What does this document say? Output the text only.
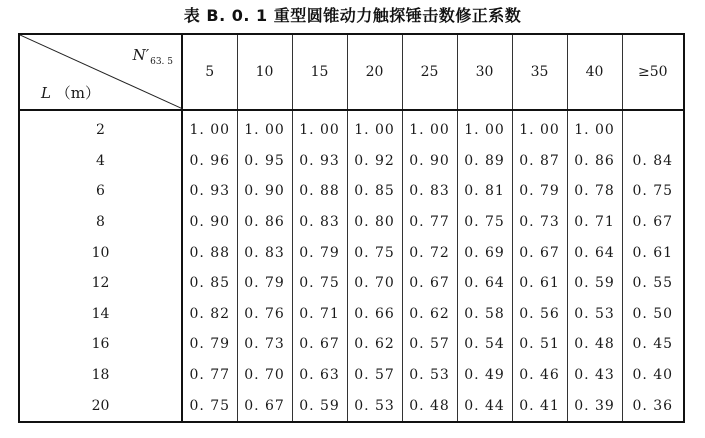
表 B. 0. 1 重型圆锥动力触探锤击数修正系数
$N'_{63. 5}$
L （m）	5	10	15	20	25	30	35	40	≥50
2	1. 00	1. 00	1. 00	1. 00	1. 00	1. 00	1. 00	1. 00	
4	0. 96	0. 95	0. 93	0. 92	0. 90	0. 89	0. 87	0. 86	0. 84
6	0. 93	0. 90	0. 88	0. 85	0. 83	0. 81	0. 79	0. 78	0. 75
8	0. 90	0. 86	0. 83	0. 80	0. 77	0. 75	0. 73	0. 71	0. 67
10	0. 88	0. 83	0. 79	0. 75	0. 72	0. 69	0. 67	0. 64	0. 61
12	0. 85	0. 79	0. 75	0. 70	0. 67	0. 64	0. 61	0. 59	0. 55
14	0. 82	0. 76	0. 71	0. 66	0. 62	0. 58	0. 56	0. 53	0. 50
16	0. 79	0. 73	0. 67	0. 62	0. 57	0. 54	0. 51	0. 48	0. 45
18	0. 77	0. 70	0. 63	0. 57	0. 53	0. 49	0. 46	0. 43	0. 40
20	0. 75	0. 67	0. 59	0. 53	0. 48	0. 44	0. 41	0. 39	0. 36
